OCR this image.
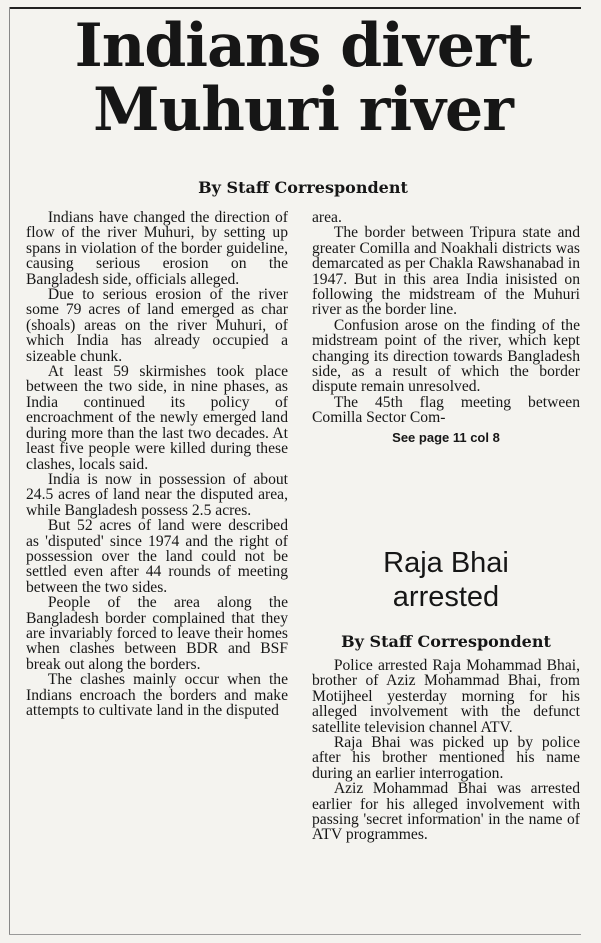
Indians divert
Muhuri river
By Staff Correspondent

Indians have changed the direction of flow of the river Muhuri, by setting up spans in violation of the border guideline, causing serious erosion on the Bangladesh side, officials alleged.

Due to serious erosion of the river some 79 acres of land emerged as char (shoals) areas on the river Muhuri, of which India has already occupied a sizeable chunk.

At least 59 skirmishes took place between the two side, in nine phases, as India continued its policy of encroachment of the newly emerged land during more than the last two decades. At least five people were killed during these clashes, locals said.

India is now in possession of about 24.5 acres of land near the disputed area, while Bangladesh possess 2.5 acres.

But 52 acres of land were described as 'disputed' since 1974 and the right of possession over the land could not be settled even after 44 rounds of meeting between the two sides.

People of the area along the Bangladesh border complained that they are invariably forced to leave their homes when clashes between BDR and BSF break out along the borders.

The clashes mainly occur when the Indians encroach the borders and make attempts to cultivate land in the disputed

area.

The border between Tripura state and greater Comilla and Noakhali districts was demarcated as per Chakla Rawshanabad in 1947. But in this area India inisisted on following the midstream of the Muhuri river as the border line.

Confusion arose on the finding of the midstream point of the river, which kept changing its direction towards Bangladesh side, as a result of which the border dispute remain unresolved.

The 45th flag meeting between Comilla Sector Com-

See page 11 col 8
Raja Bhai
arrested
By Staff Correspondent

Police arrested Raja Mohammad Bhai, brother of Aziz Mohammad Bhai, from Motijheel yesterday morning for his alleged involvement with the defunct satellite television channel ATV.

Raja Bhai was picked up by police after his brother mentioned his name during an earlier interrogation.

Aziz Mohammad Bhai was arrested earlier for his alleged involvement with passing 'secret information' in the name of ATV programmes.
